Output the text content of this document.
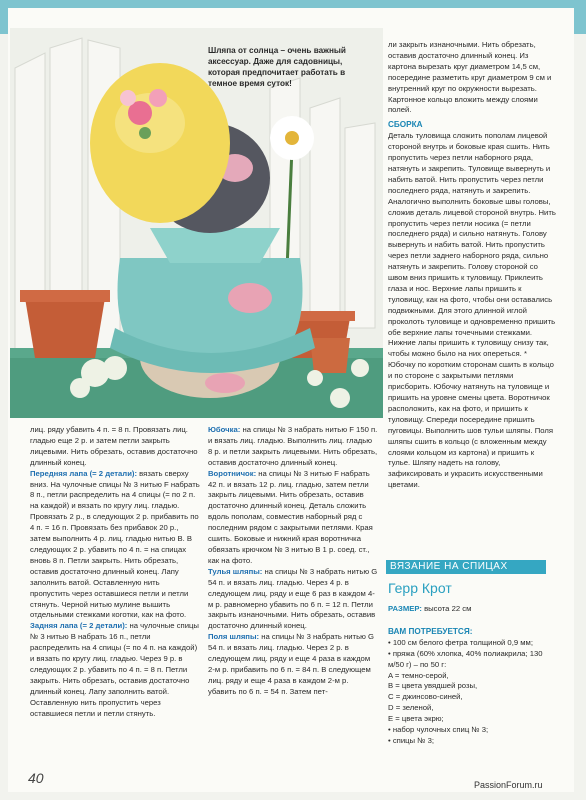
Шляпа от солнца – очень важный аксессуар. Даже для садовницы, которая предпочитает работать в темное время суток!

лиц. ряду убавить 4 п. = 8 п. Провязать лиц. гладью еще 2 р. и затем петли закрыть лицевыми. Нить обрезать, оставив достаточно длинный конец.

Передняя лапа (= 2 детали): вязать сверху вниз. На чулочные спицы № 3 нитью F набрать 8 п., петли распределить на 4 спицы (= по 2 п. на каждой) и вязать по кругу лиц. гладью. Провязать 2 р., в следующих 2 р. прибавить по 4 п. = 16 п. Провязать без прибавок 20 р., затем выполнить 4 р. лиц. гладью нитью B. В следующих 2 р. убавить по 4 п. = на спицах вновь 8 п. Петли закрыть. Нить обрезать, оставив достаточно длинный конец. Лапу заполнить ватой. Оставленную нить пропустить через оставшиеся петли и петли стянуть. Черной нитью мулине вышить отдельными стежками коготки, как на фото.

Задняя лапа (= 2 детали): на чулочные спицы № 3 нитью B набрать 16 п., петли распределить на 4 спицы (= по 4 п. на каждой) и вязать по кругу лиц. гладью. Через 9 р. в следующих 2 р. убавить по 4 п. = 8 п. Петли закрыть. Нить обрезать, оставив достаточно длинный конец. Лапу заполнить ватой. Оставленную нить пропустить через оставшиеся петли и петли стянуть.

Юбочка: на спицы № 3 набрать нитью F 150 п. и вязать лиц. гладью. Выполнить лиц. гладью 8 р. и петли закрыть лицевыми. Нить обрезать, оставив достаточно длинный конец.

Воротничок: на спицы № 3 нитью F набрать 42 п. и вязать 12 р. лиц. гладью, затем петли закрыть лицевыми. Нить обрезать, оставив достаточно длинный конец. Деталь сложить вдоль пополам, совместив наборный ряд с последним рядом с закрытыми петлями. Края сшить. Боковые и нижний края воротничка обвязать крючком № 3 нитью B 1 р. соед. ст., как на фото.

Тулья шляпы: на спицы № 3 набрать нитью G 54 п. и вязать лиц. гладью. Через 4 р. в следующем лиц. ряду и еще 6 раз в каждом 4-м р. равномерно убавить по 6 п. = 12 п. Петли закрыть изнаночными. Нить обрезать, оставив достаточно длинный конец.

Поля шляпы: на спицы № 3 набрать нитью G 54 п. и вязать лиц. гладью. Через 2 р. в следующем лиц. ряду и еще 4 раза в каждом 2-м р. прибавить по 6 п. = 84 п. В следующем лиц. ряду и еще 4 раза в каждом 2-м р. убавить по 6 п. = 54 п. Затем пет-

ли закрыть изнаночными. Нить обрезать, оставив достаточно длинный конец. Из картона вырезать круг диаметром 14,5 см, посередине разметить круг диаметром 9 см и внутренний круг по окружности вырезать. Картонное кольцо вложить между слоями полей.

СБОРКА

Деталь туловища сложить пополам лицевой стороной внутрь и боковые края сшить. Нить пропустить через петли наборного ряда, натянуть и закрепить. Туловище вывернуть и набить ватой. Нить пропустить через петли последнего ряда, натянуть и закрепить. Аналогично выполнить боковые швы головы, сложив деталь лицевой стороной внутрь. Нить пропустить через петли носика (= петли последнего ряда) и сильно натянуть. Голову вывернуть и набить ватой. Нить пропустить через петли заднего наборного ряда, сильно натянуть и закрепить. Голову стороной со швом вниз пришить к туловищу. Приклеить глаза и нос. Верхние лапы пришить к туловищу, как на фото, чтобы они оставались подвижными. Для этого длинной иглой проколоть туловище и одновременно пришить обе верхние лапы точечными стежками. Нижние лапы пришить к туловищу снизу так, чтобы можно было на них опереться. * Юбочку по коротким сторонам сшить в кольцо и по стороне с закрытыми петлями присборить. Юбочку натянуть на туловище и пришить на уровне смены цвета. Воротничок расположить, как на фото, и пришить к туловищу. Спереди посередине пришить пуговицы. Выполнить шов тульи шляпы. Поля шляпы сшить в кольцо (с вложенным между слоями кольцом из картона) и пришить к тулье. Шляпу надеть на голову, зафиксировать и украсить искусственными цветами.

ВЯЗАНИЕ НА СПИЦАХ
Герр Крот

РАЗМЕР: высота 22 см

ВАМ ПОТРЕБУЕТСЯ:
• 100 см белого фетра толщиной 0,9 мм;
• пряжа (60% хлопка, 40% полиакрила; 130 м/50 г) – по 50 г:
A = темно-серой,
B = цвета увядшей розы,
C = джинсово-синей,
D = зеленой,
E = цвета экрю;
• набор чулочных спиц № 3;
• спицы № 3;
40	PassionForum.ru
